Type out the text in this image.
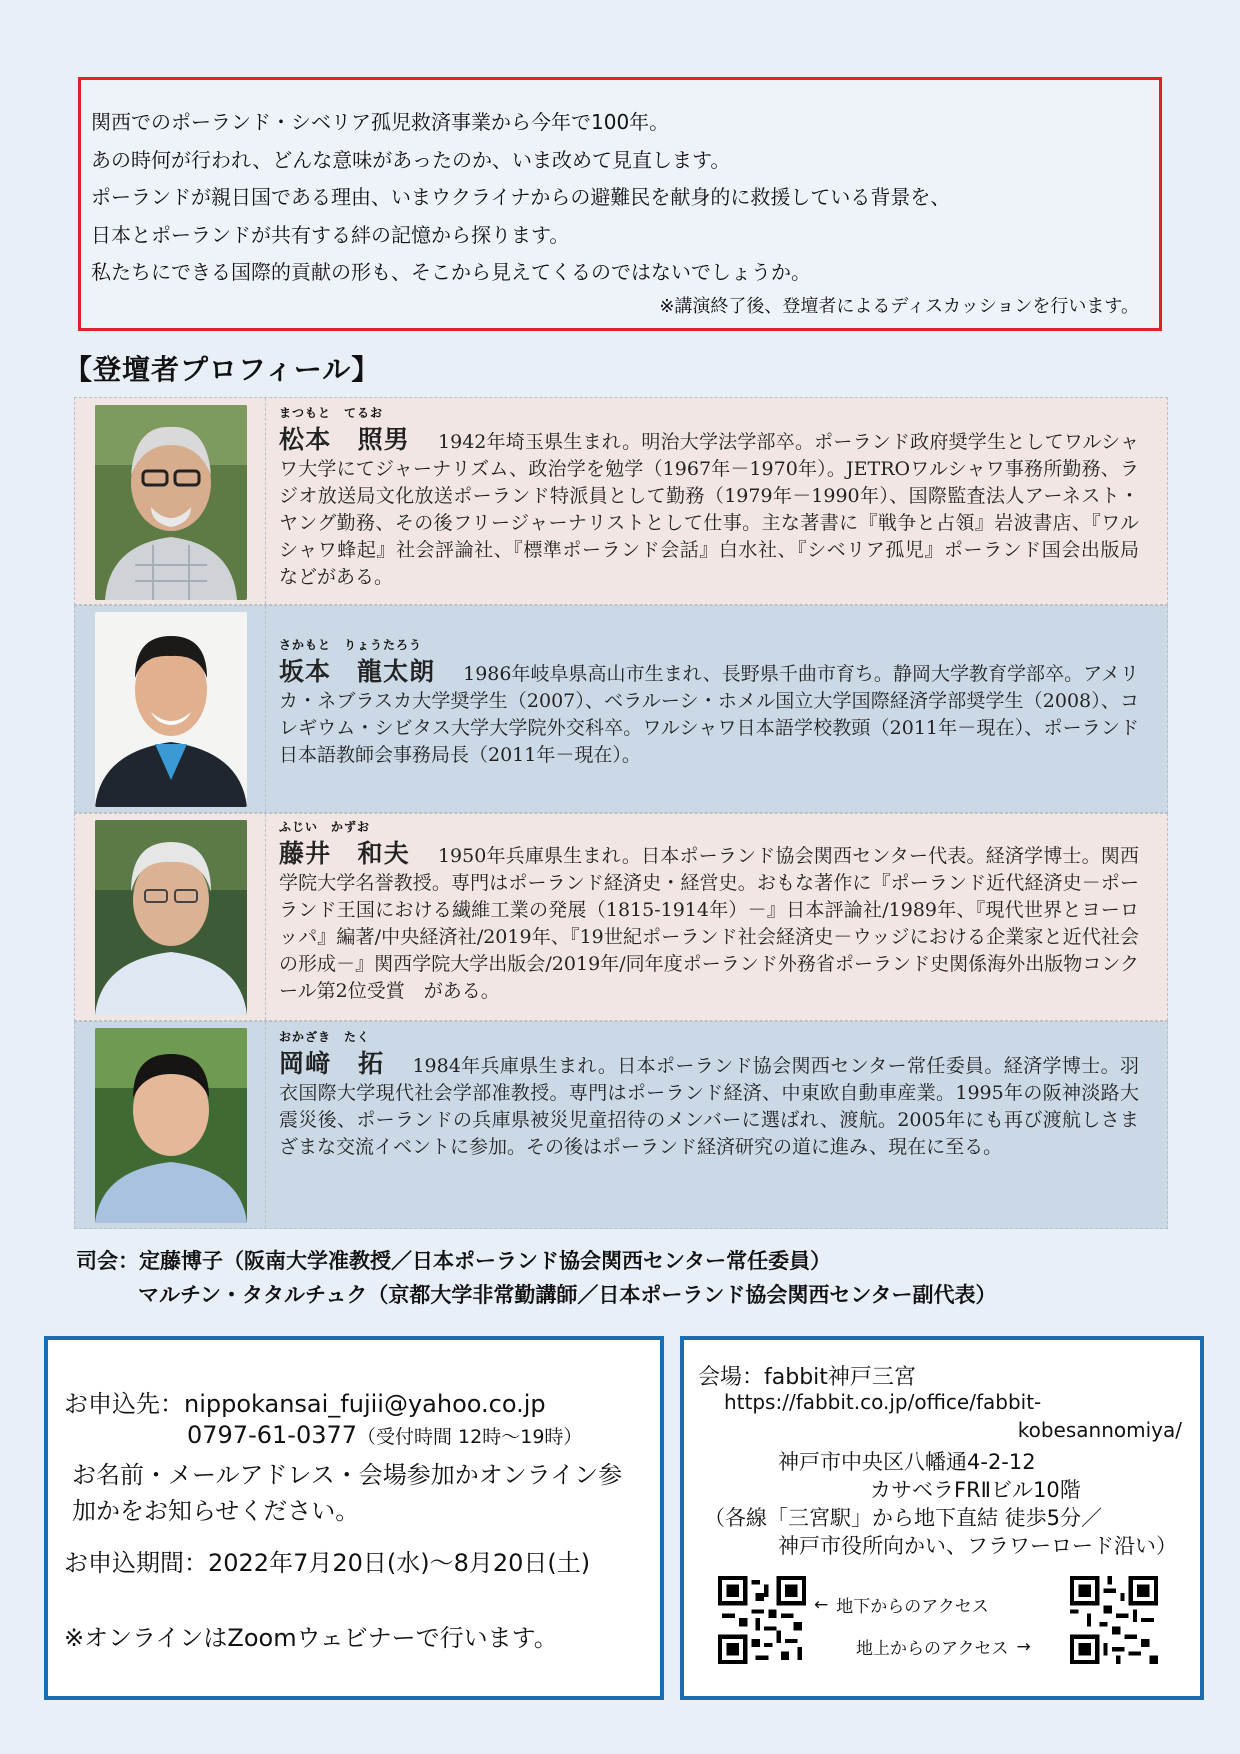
関西でのポーランド・シベリア孤児救済事業から今年で100年。

あの時何が行われ、どんな意味があったのか、いま改めて見直します。

ポーランドが親日国である理由、いまウクライナからの避難民を献身的に救援している背景を、

日本とポーランドが共有する絆の記憶から探ります。

私たちにできる国際的貢献の形も、そこから見えてくるのではないでしょうか。

※講演終了後、登壇者によるディスカッションを行います。

【登壇者プロフィール】
まつもと　てるお
松本　照男 1942年埼玉県生まれ。明治大学法学部卒。ポーランド政府奨学生としてワルシャワ大学にてジャーナリズム、政治学を勉学（1967年－1970年）。JETROワルシャワ事務所勤務、ラジオ放送局文化放送ポーランド特派員として勤務（1979年－1990年）、国際監査法人アーネスト・ヤング勤務、その後フリージャーナリストとして仕事。主な著書に『戦争と占領』岩波書店、『ワルシャワ蜂起』社会評論社、『標準ポーランド会話』白水社、『シベリア孤児』ポーランド国会出版局　などがある。
さかもと　りょうたろう
坂本　龍太朗 1986年岐阜県高山市生まれ、長野県千曲市育ち。静岡大学教育学部卒。アメリカ・ネブラスカ大学奨学生（2007）、ベラルーシ・ホメル国立大学国際経済学部奨学生（2008）、コレギウム・シビタス大学大学院外交科卒。ワルシャワ日本語学校教頭（2011年－現在）、ポーランド日本語教師会事務局長（2011年－現在）。
ふじい　かずお
藤井　和夫 1950年兵庫県生まれ。日本ポーランド協会関西センター代表。経済学博士。関西学院大学名誉教授。専門はポーランド経済史・経営史。おもな著作に『ポーランド近代経済史－ポーランド王国における繊維工業の発展（1815-1914年）－』日本評論社/1989年、『現代世界とヨーロッパ』編著/中央経済社/2019年、『19世紀ポーランド社会経済史－ウッジにおける企業家と近代社会の形成－』関西学院大学出版会/2019年/同年度ポーランド外務省ポーランド史関係海外出版物コンクール第2位受賞　がある。
おかざき　たく
岡﨑　拓 1984年兵庫県生まれ。日本ポーランド協会関西センター常任委員。経済学博士。羽衣国際大学現代社会学部准教授。専門はポーランド経済、中東欧自動車産業。1995年の阪神淡路大震災後、ポーランドの兵庫県被災児童招待のメンバーに選ばれ、渡航。2005年にも再び渡航しさまざまな交流イベントに参加。その後はポーランド経済研究の道に進み、現在に至る。
司会：定藤博子（阪南大学准教授／日本ポーランド協会関西センター常任委員）
マルチン・タタルチュク（京都大学非常勤講師／日本ポーランド協会関西センター副代表）

お申込先：nippokansai_fujii@yahoo.co.jp

0797-61-0377（受付時間 12時～19時）

お名前・メールアドレス・会場参加かオンライン参加かをお知らせください。

お申込期間：2022年7月20日(水)～8月20日(土)

※オンラインはZoomウェビナーで行います。

会場：fabbit神戸三宮
https://fabbit.co.jp/office/fabbit-
kobesannomiya/
神戸市中央区八幡通4-2-12
カサベラFRⅡビル10階
（各線「三宮駅」から地下直結 徒歩5分／
神戸市役所向かい、フラワーロード沿い）
← 地下からのアクセス
地上からのアクセス →
